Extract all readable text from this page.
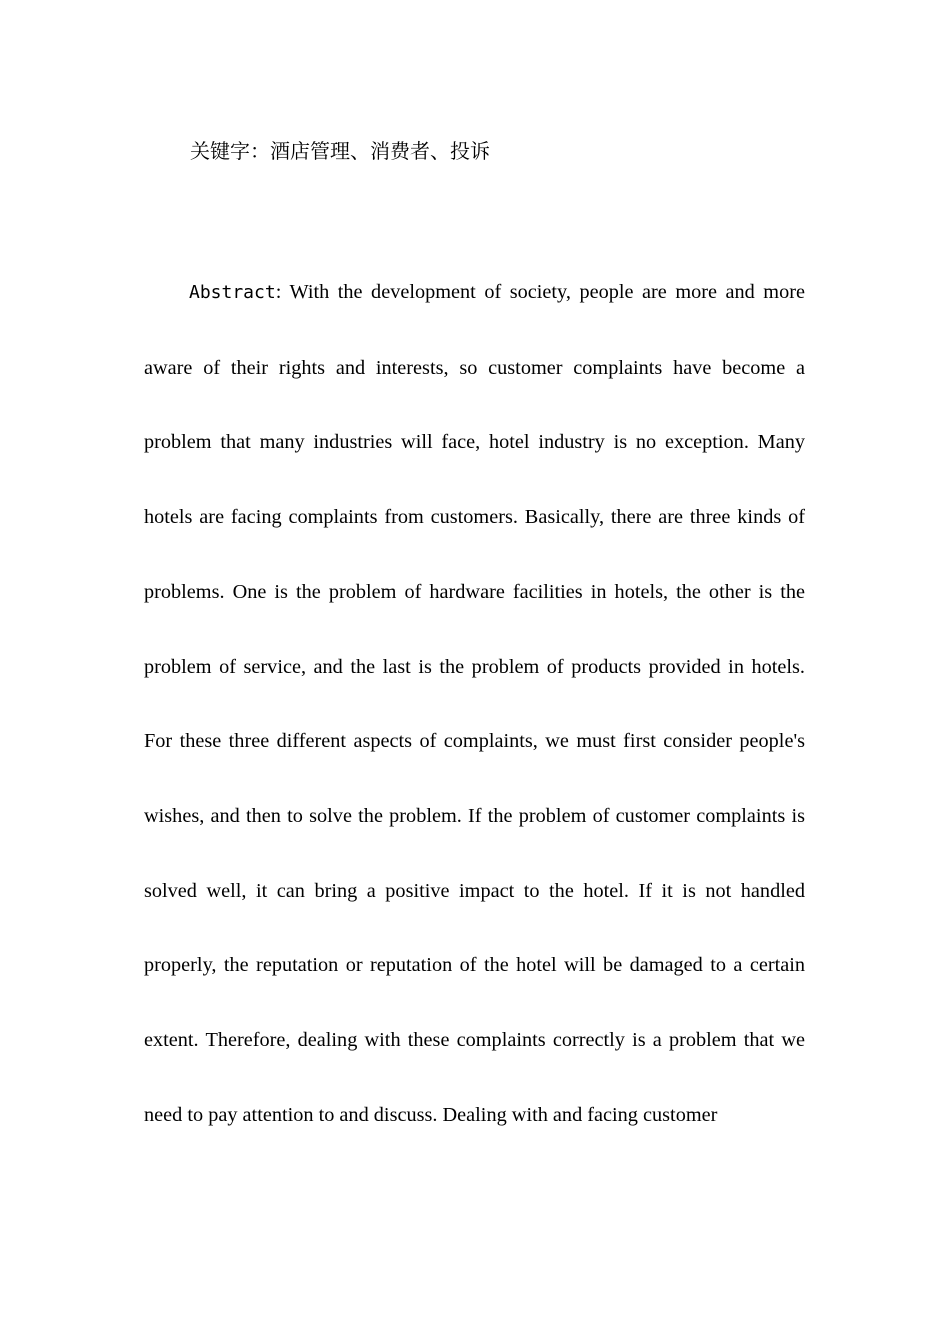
关键字：酒店管理、消费者、投诉

Abstract: With the development of society, people are more and more aware of their rights and interests, so customer complaints have become a problem that many industries will face, hotel industry is no exception. Many hotels are facing complaints from customers. Basically, there are three kinds of problems. One is the problem of hardware facilities in hotels, the other is the problem of service, and the last is the problem of products provided in hotels. For these three different aspects of complaints, we must first consider people's wishes, and then to solve the problem. If the problem of customer complaints is solved well, it can bring a positive impact to the hotel. If it is not handled properly, the reputation or reputation of the hotel will be damaged to a certain extent. Therefore, dealing with these complaints correctly is a problem that we need to pay attention to and discuss. Dealing with and facing customer
